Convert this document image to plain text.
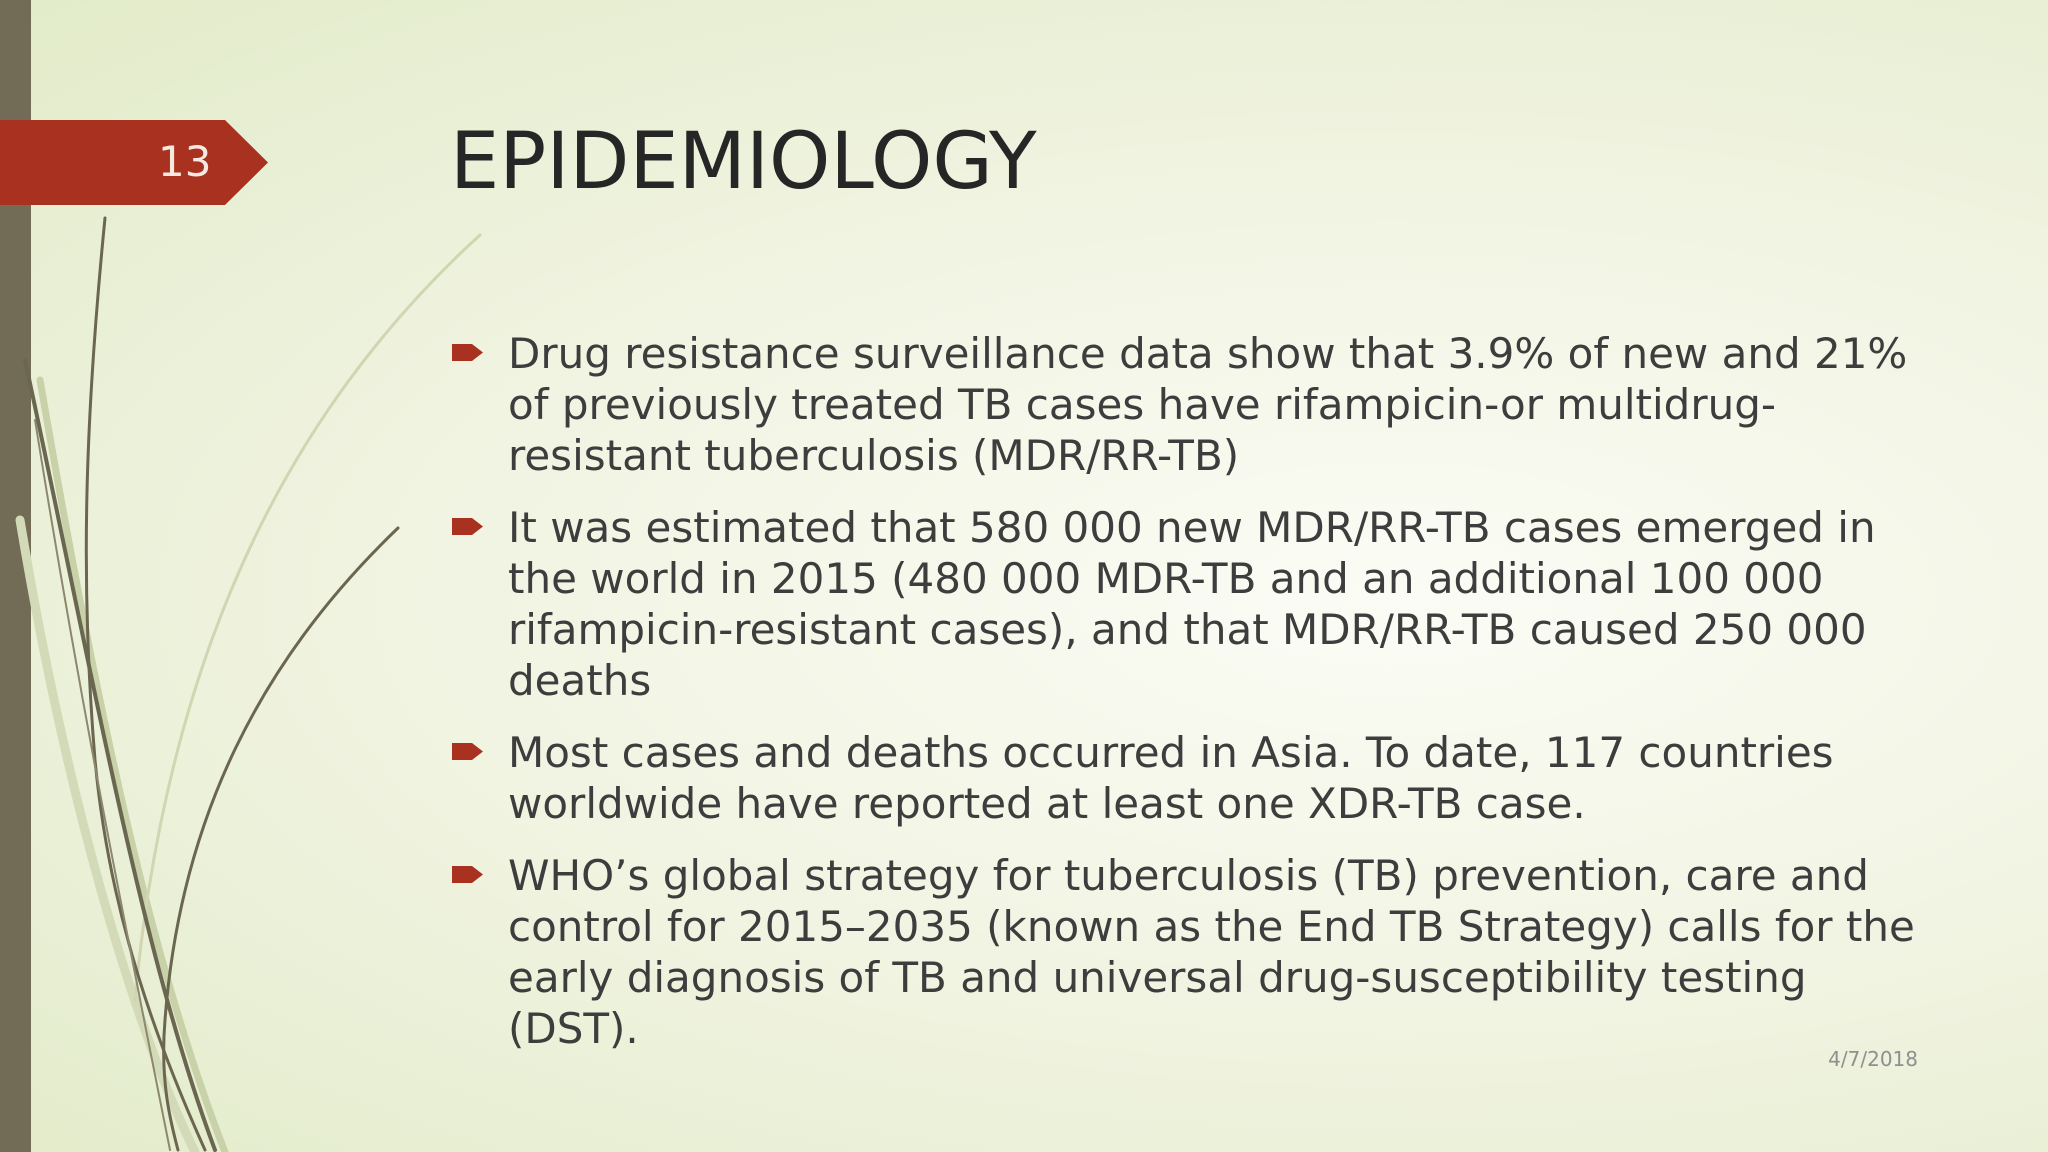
13	EPIDEMIOLOGY
Drug resistance surveillance data show that 3.9% of new and 21% of previously treated TB cases have rifampicin-or multidrug-resistant tuberculosis (MDR/RR-TB)
It was estimated that 580 000 new MDR/RR-TB cases emerged in the world in 2015 (480 000 MDR-TB and an additional 100 000 rifampicin-resistant cases), and that MDR/RR-TB caused 250 000 deaths
Most cases and deaths occurred in Asia. To date, 117 countries worldwide have reported at least one XDR-TB case.
WHO’s global strategy for tuberculosis (TB) prevention, care and control for 2015–2035 (known as the End TB Strategy) calls for the early diagnosis of TB and universal drug-susceptibility testing (DST).
4/7/2018
